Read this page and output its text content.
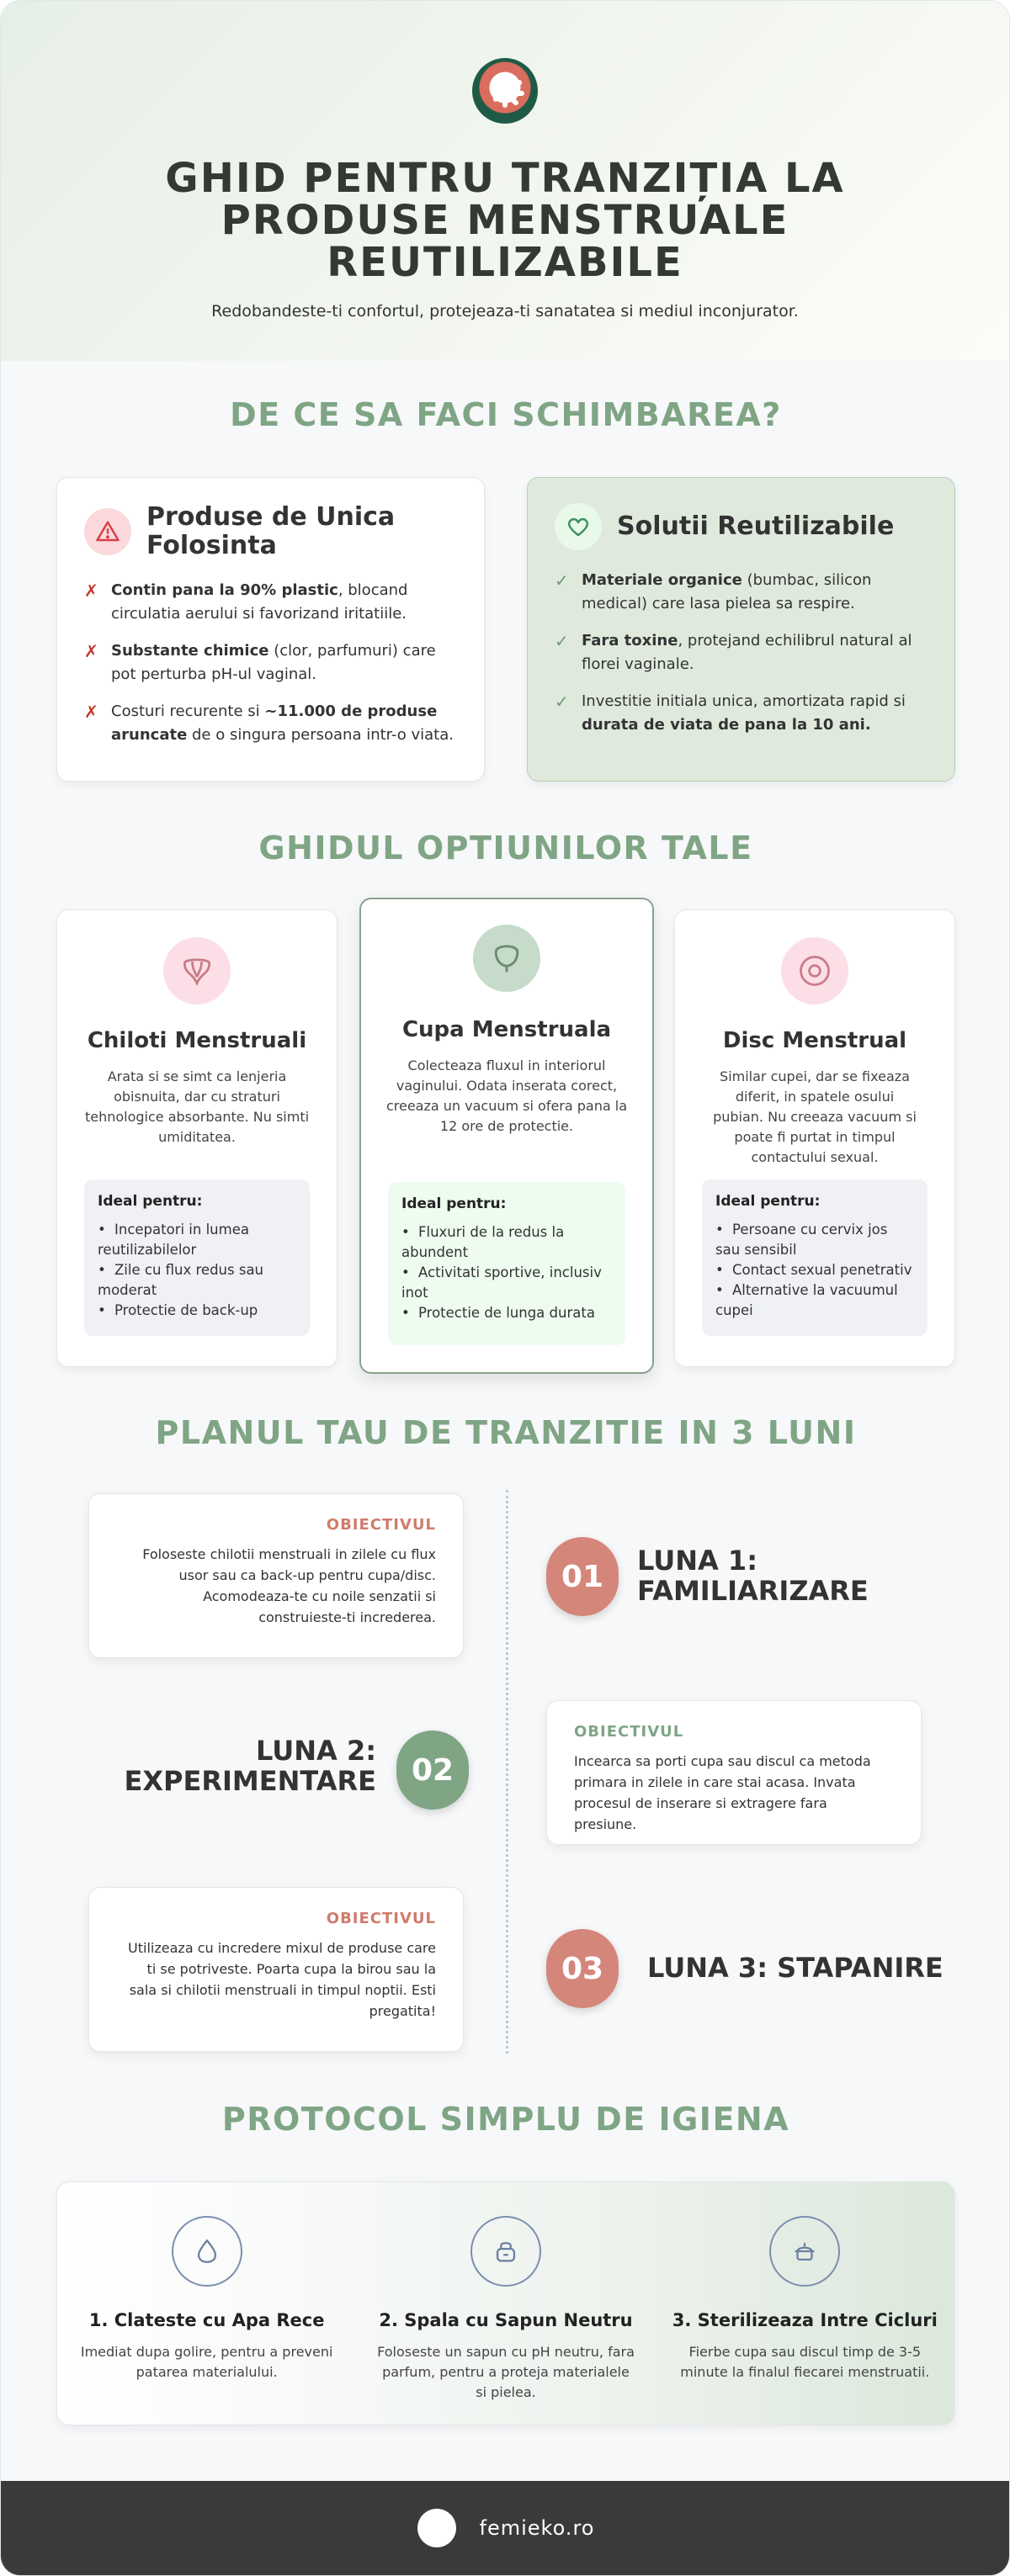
GHID PENTRU TRANZIȚIA LA PRODUSE MENSTRUALE REUTILIZABILE

Redobandeste-ti confortul, protejeaza-ti sanatatea si mediul inconjurator.

DE CE SA FACI SCHIMBAREA?
Produse de Unica Folosinta
✗ Contin pana la 90% plastic, blocand circulatia aerului si favorizand iritatiile.
✗ Substante chimice (clor, parfumuri) care pot perturba pH-ul vaginal.
✗ Costuri recurente si ~11.000 de produse aruncate de o singura persoana intr-o viata.
Solutii Reutilizabile
✓ Materiale organice (bumbac, silicon medical) care lasa pielea sa respire.
✓ Fara toxine, protejand echilibrul natural al florei vaginale.
✓ Investitie initiala unica, amortizata rapid si durata de viata de pana la 10 ani.
GHIDUL OPTIUNILOR TALE
Chiloti Menstruali

Arata si se simt ca lenjeria obisnuita, dar cu straturi tehnologice absorbante. Nu simti umiditatea.

Ideal pentru:
• Incepatori in lumea reutilizabilelor
• Zile cu flux redus sau moderat
• Protectie de back-up
Cupa Menstruala

Colecteaza fluxul in interiorul vaginului. Odata inserata corect, creeaza un vacuum si ofera pana la 12 ore de protectie.

Ideal pentru:
• Fluxuri de la redus la abundent
• Activitati sportive, inclusiv inot
• Protectie de lunga durata
Disc Menstrual

Similar cupei, dar se fixeaza diferit, in spatele osului pubian. Nu creeaza vacuum si poate fi purtat in timpul contactului sexual.

Ideal pentru:
• Persoane cu cervix jos sau sensibil
• Contact sexual penetrativ
• Alternative la vacuumul cupei
PLANUL TAU DE TRANZITIE IN 3 LUNI
OBIECTIVUL

Foloseste chilotii menstruali in zilele cu flux usor sau ca back-up pentru cupa/disc. Acomodeaza-te cu noile senzatii si construieste-ti increderea.

01	LUNA 1: FAMILIARIZARE
LUNA 2: EXPERIMENTARE	02
OBIECTIVUL

Incearca sa porti cupa sau discul ca metoda primara in zilele in care stai acasa. Invata procesul de inserare si extragere fara presiune.

OBIECTIVUL

Utilizeaza cu incredere mixul de produse care ti se potriveste. Poarta cupa la birou sau la sala si chilotii menstruali in timpul noptii. Esti pregatita!

03	LUNA 3: STAPANIRE
PROTOCOL SIMPLU DE IGIENA
1. Clateste cu Apa Rece

Imediat dupa golire, pentru a preveni patarea materialului.

2. Spala cu Sapun Neutru

Foloseste un sapun cu pH neutru, fara parfum, pentru a proteja materialele si pielea.

3. Sterilizeaza Intre Cicluri

Fierbe cupa sau discul timp de 3-5 minute la finalul fiecarei menstruatii.

femieko.ro
